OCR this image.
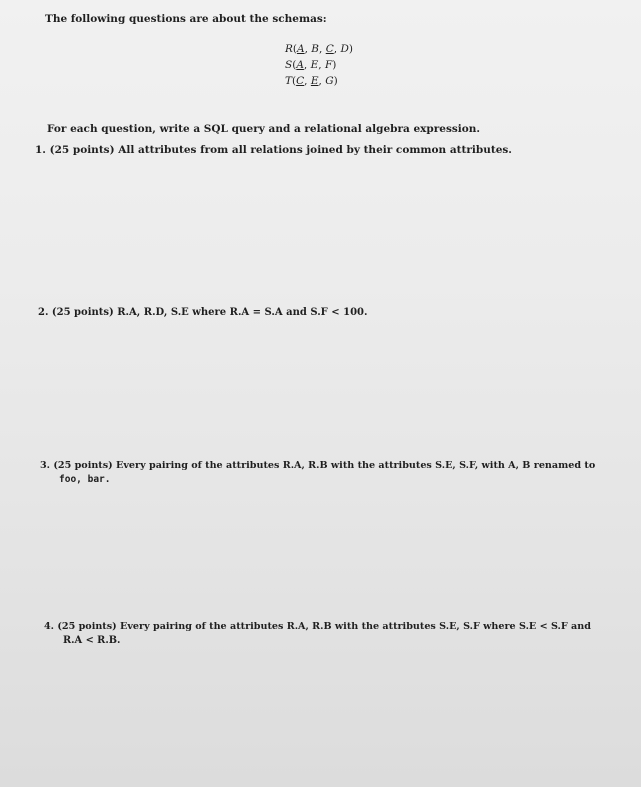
The following questions are about the schemas:
R(A, B, C, D)
S(A, E, F)
T(C, E, G)
For each question, write a SQL query and a relational algebra expression.
1. (25 points) All attributes from all relations joined by their common attributes.
2. (25 points) R.A, R.D, S.E where R.A = S.A and S.F < 100.
3. (25 points) Every pairing of the attributes R.A, R.B with the attributes S.E, S.F, with A, B renamed to
foo, bar.
4. (25 points) Every pairing of the attributes R.A, R.B with the attributes S.E, S.F where S.E < S.F and
R.A < R.B.
